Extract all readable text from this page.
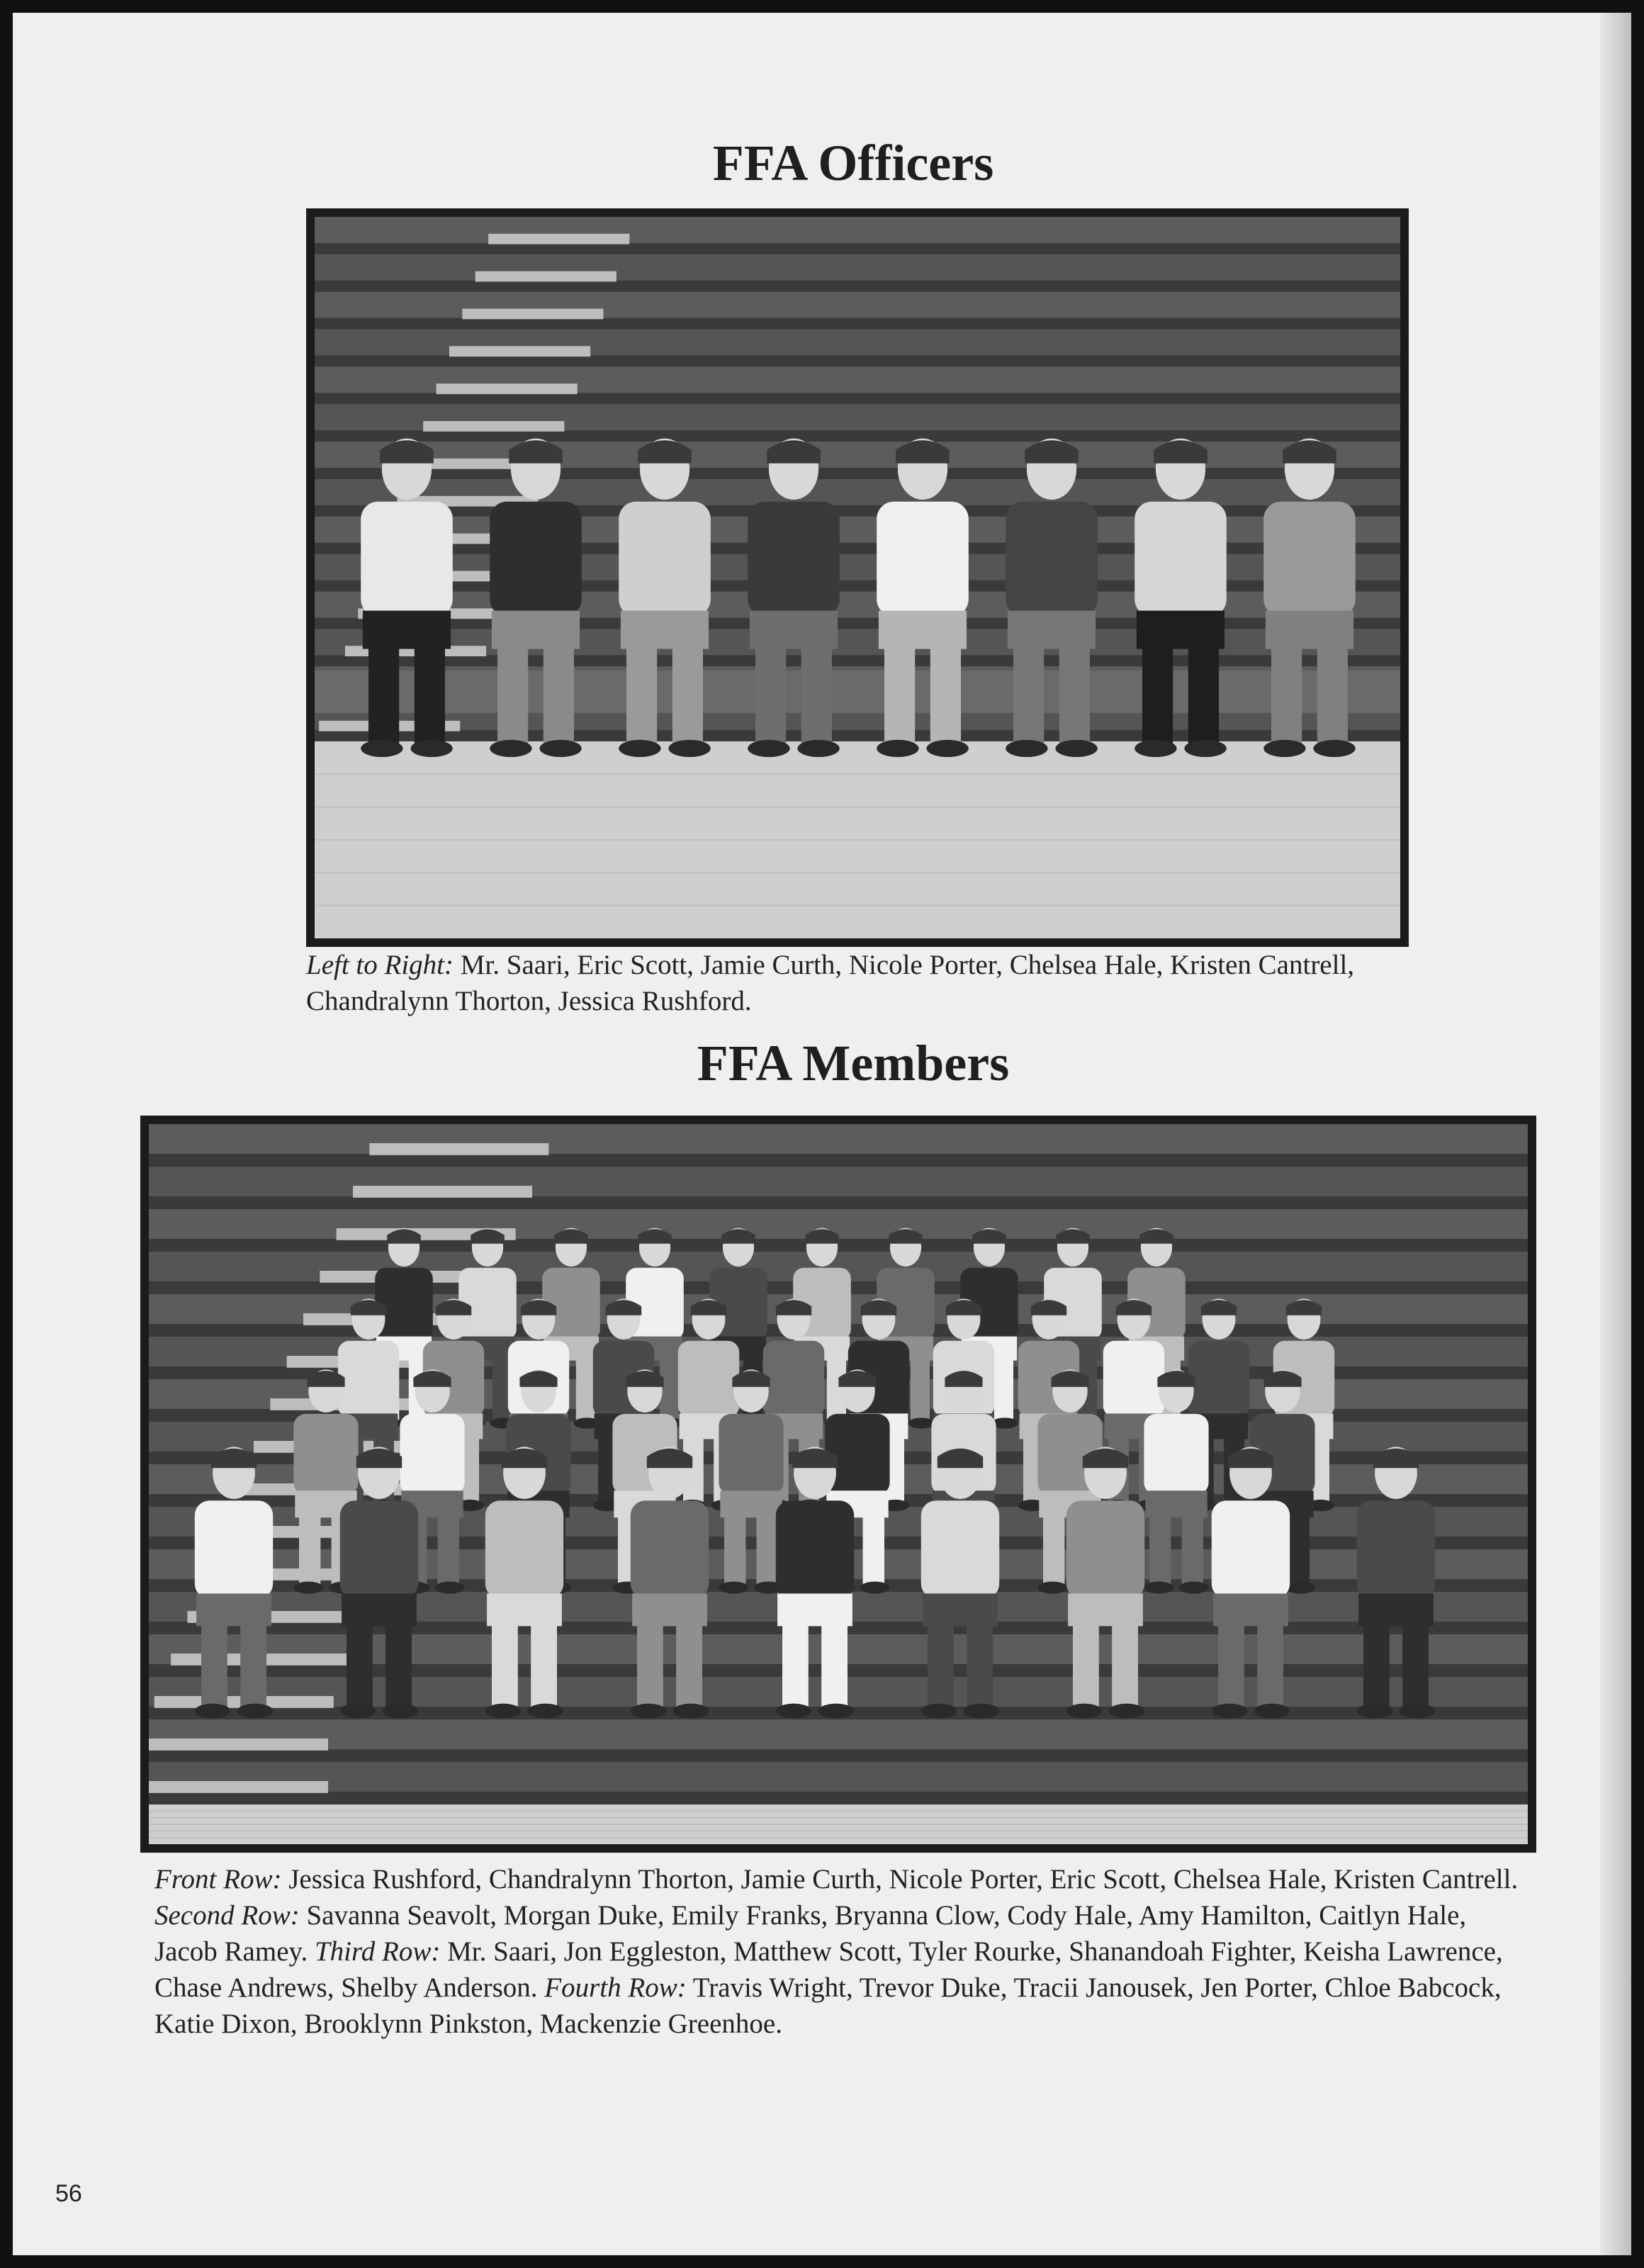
FFA Officers

Left to Right: Mr. Saari, Eric Scott, Jamie Curth, Nicole Porter, Chelsea Hale, Kristen Cantrell, Chandralynn Thorton, Jessica Rushford.

FFA Members

Front Row: Jessica Rushford, Chandralynn Thorton, Jamie Curth, Nicole Porter, Eric Scott, Chelsea Hale, Kristen Cantrell. Second Row: Savanna Seavolt, Morgan Duke, Emily Franks, Bryanna Clow, Cody Hale, Amy Hamilton, Caitlyn Hale, Jacob Ramey. Third Row: Mr. Saari, Jon Eggleston, Matthew Scott, Tyler Rourke, Shanandoah Fighter, Keisha Lawrence, Chase Andrews, Shelby Anderson. Fourth Row: Travis Wright, Trevor Duke, Tracii Janousek, Jen Porter, Chloe Babcock, Katie Dixon, Brooklynn Pinkston, Mackenzie Greenhoe.

56
